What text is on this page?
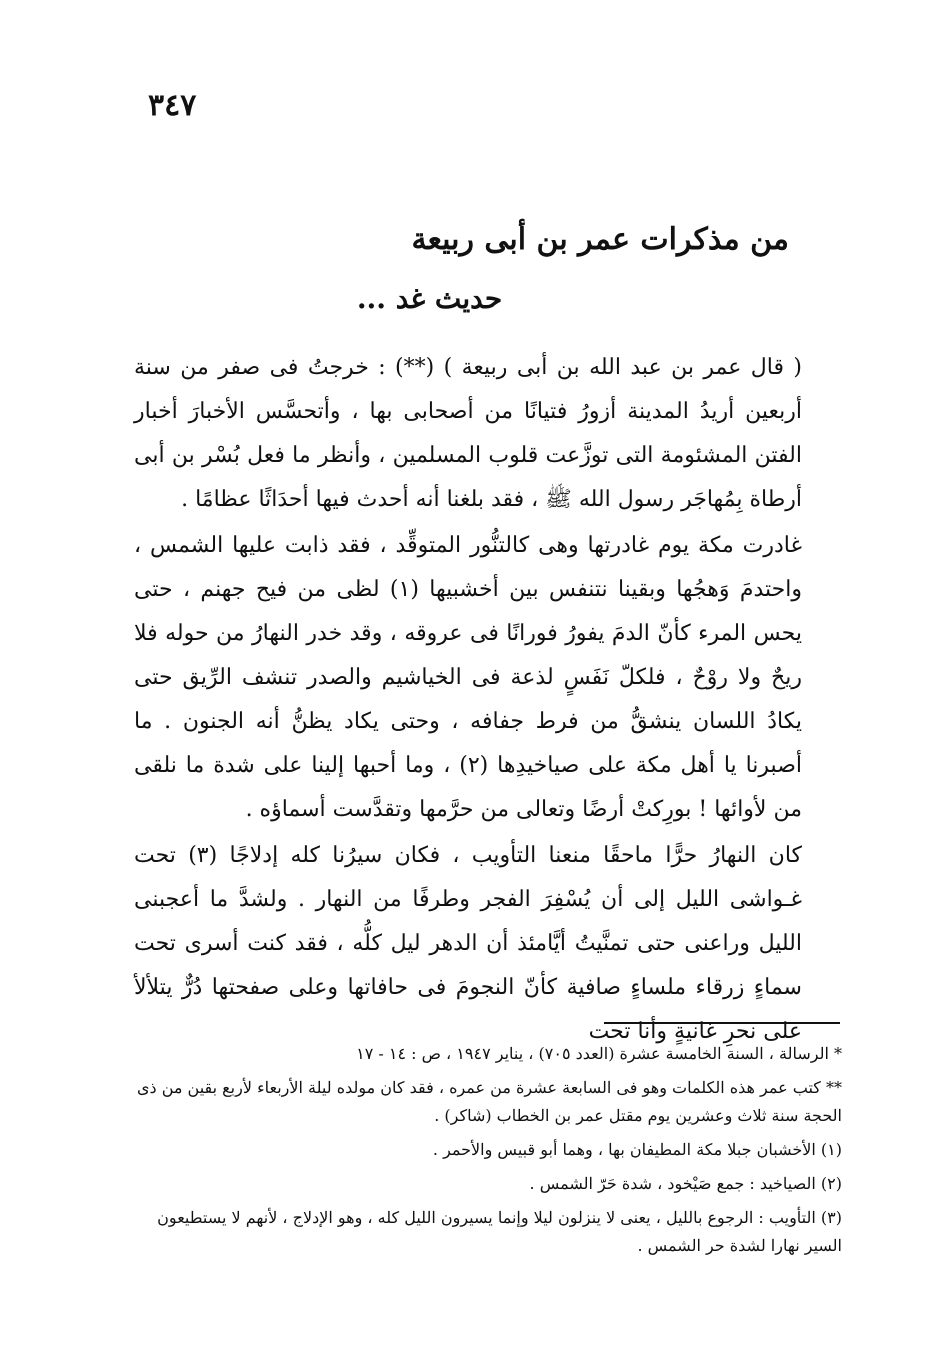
٣٤٧
من مذكرات عمر بن أبى ربيعة
حديث غد ...

( قال عمر بن عبد الله بن أبى ربيعة ) (**) : خرجتُ فى صفر من سنة أربعين أريدُ المدينة أزورُ فتيانًا من أصحابى بها ، وأتحسَّس الأخبارَ أخبار الفتن المشئومة التى توزَّعت قلوب المسلمين ، وأنظر ما فعل بُسْر بن أبى أرطاة بِمُهاجَر رسول الله ﷺ ، فقد بلغنا أنه أحدث فيها أحدَاثًا عظامًا .

غادرت مكة يوم غادرتها وهى كالتنُّور المتوقِّد ، فقد ذابت عليها الشمس ، واحتدمَ وَهجُها وبقينا نتنفس بين أخشبيها (١) لظى من فيح جهنم ، حتى يحس المرء كأنّ الدمَ يفورُ فورانًا فى عروقه ، وقد خدر النهارُ من حوله فلا ريحٌ ولا روْحٌ ، فلكلّ نَفَسٍ لذعة فى الخياشيم والصدر تنشف الرِّيق حتى يكادُ اللسان ينشقُّ من فرط جفافه ، وحتى يكاد يظنُّ أنه الجنون . ما أصبرنا يا أهل مكة على صياخيدِها (٢) ، وما أحبها إلينا على شدة ما نلقى من لأوائها ! بورِكتْ أرضًا وتعالى من حرَّمها وتقدَّست أسماؤه .

كان النهارُ حرًّا ماحقًا منعنا التأويب ، فكان سيرُنا كله إدلاجًا (٣) تحت غـواشى الليل إلى أن يُسْفِرَ الفجر وطرفًا من النهار . ولشدَّ ما أعجبنى الليل وراعنى حتى تمنَّيتُ أيَّامئذ أن الدهر ليل كلُّه ، فقد كنت أسرى تحت سماءٍ زرقاء ملساءٍ صافية كأنّ النجومَ فى حافاتها وعلى صفحتها دُرٌّ يتلألأ على نحرِ غانيةٍ وأنا تحت

* الرسالة ، السنة الخامسة عشرة (العدد ٧٠٥) ، يناير ١٩٤٧ ، ص : ١٤ - ١٧

** كتب عمر هذه الكلمات وهو فى السابعة عشرة من عمره ، فقد كان مولده ليلة الأربعاء لأربع بقين من ذى الحجة سنة ثلاث وعشرين يوم مقتل عمر بن الخطاب (شاكر) .

(١) الأخشبان جبلا مكة المطيفان بها ، وهما أبو قبيس والأحمر .

(٢) الصياخيد : جمع صَيْخود ، شدة حَرّ الشمس .

(٣) التأويب : الرجوع بالليل ، يعنى لا ينزلون ليلا وإنما يسيرون الليل كله ، وهو الإدلاج ، لأنهم لا يستطيعون السير نهارا لشدة حر الشمس .
